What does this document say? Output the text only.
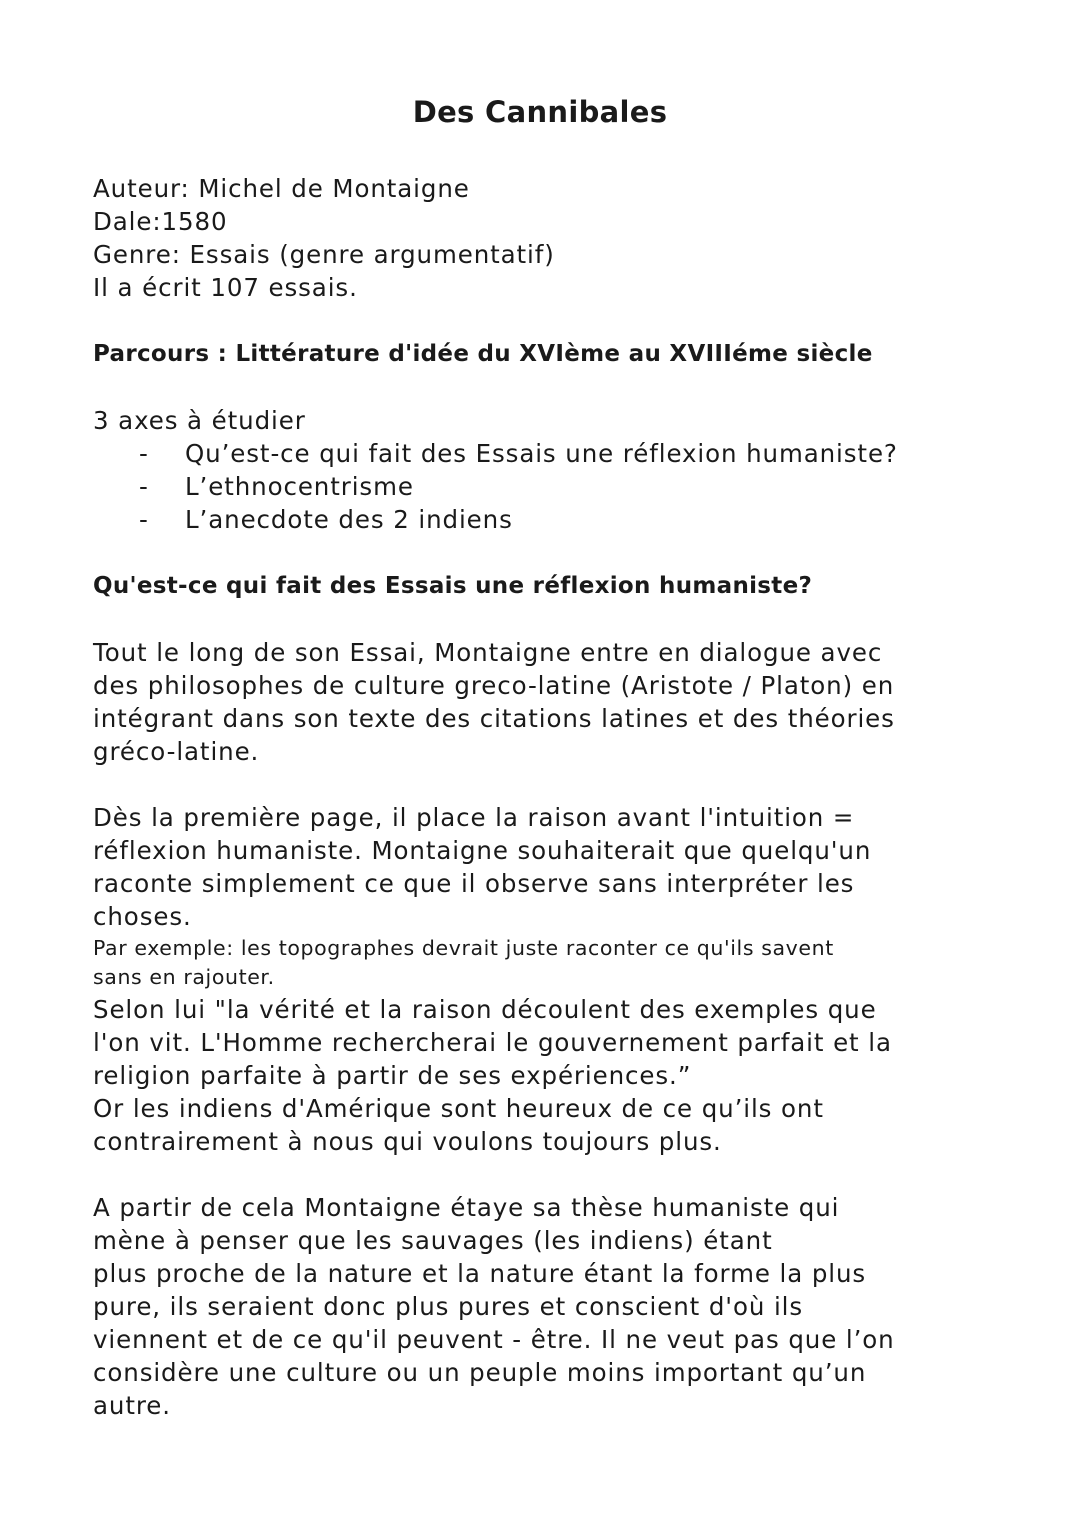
Des Cannibales
Auteur: Michel de Montaigne
Dale:1580
Genre: Essais (genre argumentatif)
Il a écrit 107 essais.
Parcours : Littérature d'idée du XVIème au XVIIIéme siècle
3 axes à étudier
- Qu’est-ce qui fait des Essais une réflexion humaniste?
- L’ethnocentrisme
- L’anecdote des 2 indiens
Qu'est-ce qui fait des Essais une réflexion humaniste?
Tout le long de son Essai, Montaigne entre en dialogue avec
des philosophes de culture greco-latine (Aristote / Platon) en
intégrant dans son texte des citations latines et des théories
gréco-latine.
Dès la première page, il place la raison avant l'intuition =
réflexion humaniste. Montaigne souhaiterait que quelqu'un
raconte simplement ce que il observe sans interpréter les
choses.
Par exemple: les topographes devrait juste raconter ce qu'ils savent
sans en rajouter.
Selon lui "la vérité et la raison découlent des exemples que
l'on vit. L'Homme rechercherai le gouvernement parfait et la
religion parfaite à partir de ses expériences.”
Or les indiens d'Amérique sont heureux de ce qu’ils ont
contrairement à nous qui voulons toujours plus.
A partir de cela Montaigne étaye sa thèse humaniste qui
mène à penser que les sauvages (les indiens) étant
plus proche de la nature et la nature étant la forme la plus
pure, ils seraient donc plus pures et conscient d'où ils
viennent et de ce qu'il peuvent - être. Il ne veut pas que l’on
considère une culture ou un peuple moins important qu’un
autre.
